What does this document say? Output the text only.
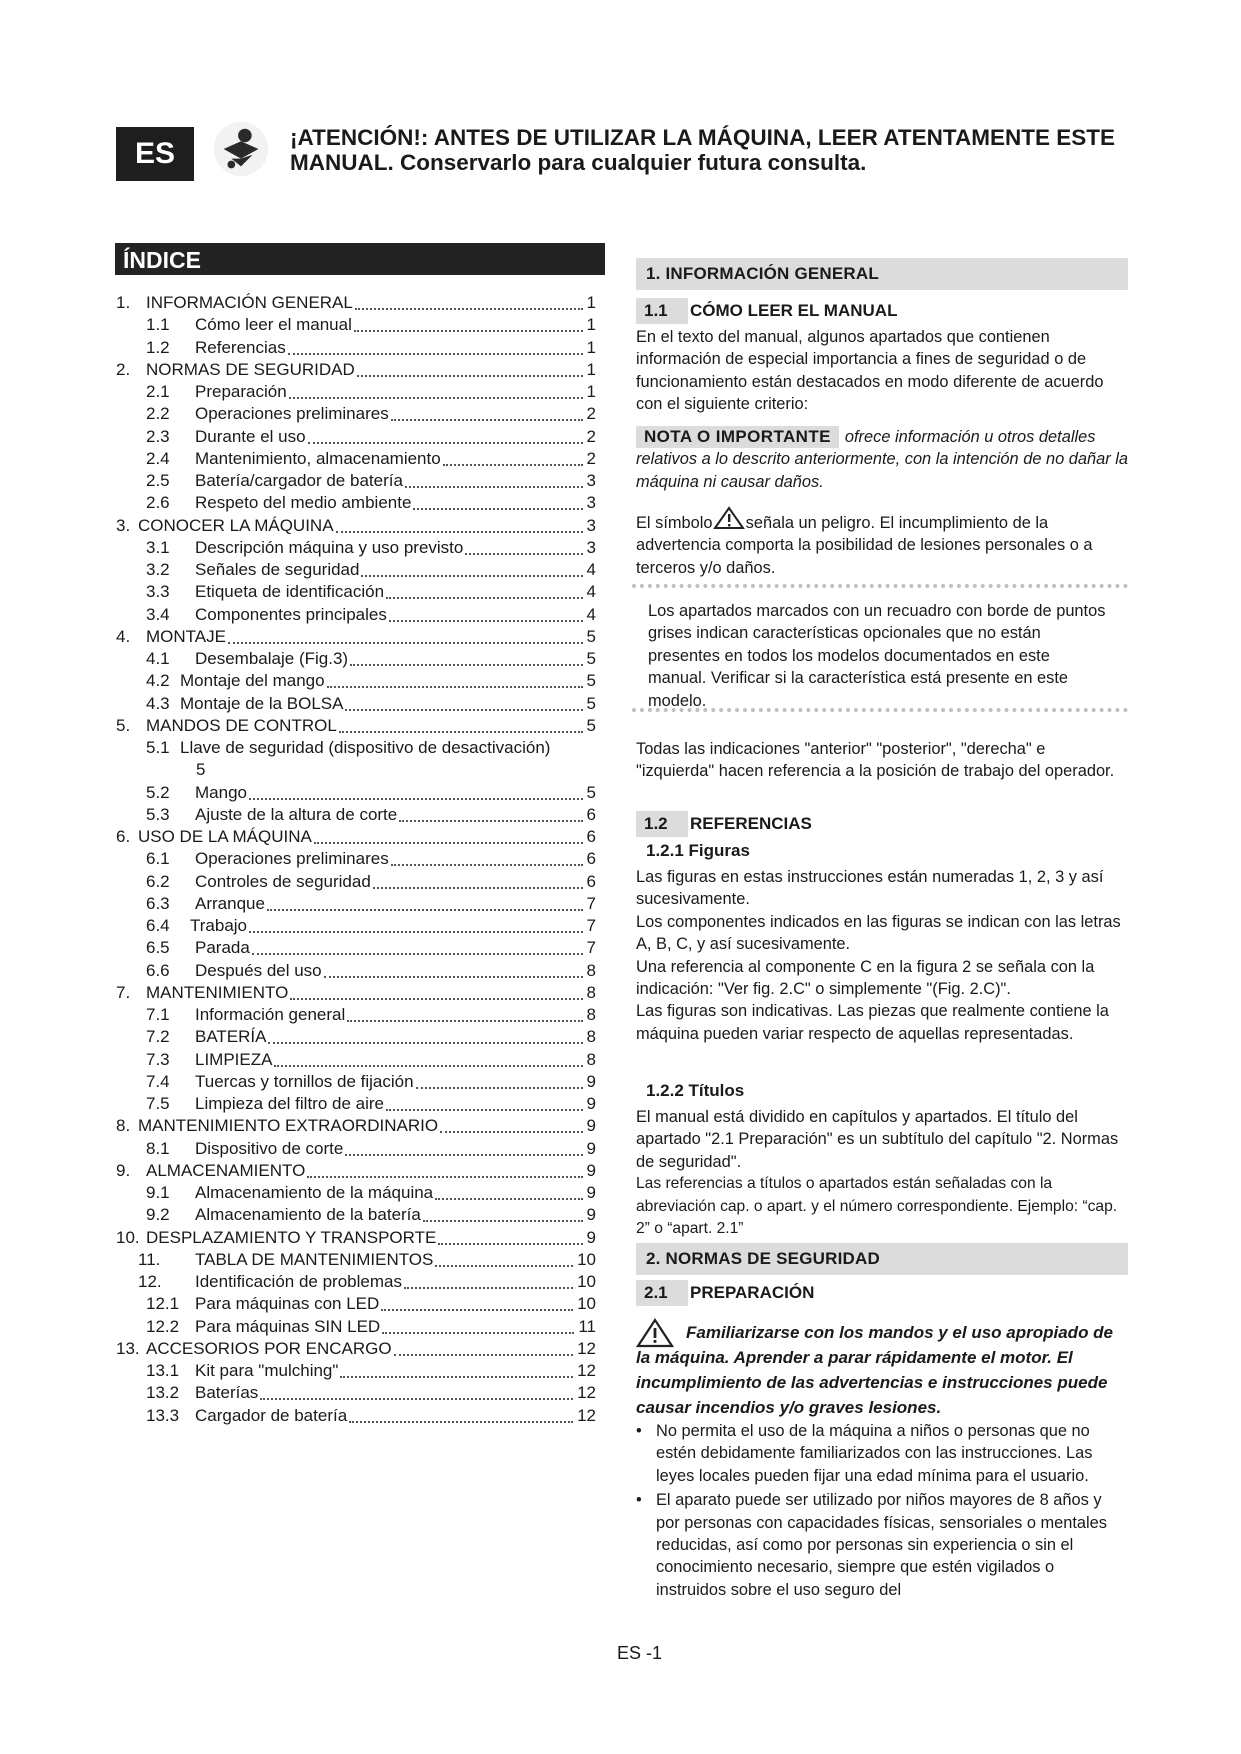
ES	¡ATENCIÓN!: ANTES DE UTILIZAR LA MÁQUINA, LEER ATENTAMENTE ESTE
MANUAL. Conservarlo para cualquier futura consulta.
ÍNDICE
1. INFORMACIÓN GENERAL	1
1.1 Cómo leer el manual	1
1.2 Referencias	1
2. NORMAS DE SEGURIDAD	1
2.1 Preparación	1
2.2 Operaciones preliminares	2
2.3 Durante el uso	2
2.4 Mantenimiento, almacenamiento	2
2.5 Batería/cargador de batería	3
2.6 Respeto del medio ambiente	3
3. CONOCER LA MÁQUINA	3
3.1 Descripción máquina y uso previsto	3
3.2 Señales de seguridad	4
3.3 Etiqueta de identificación	4
3.4 Componentes principales	4
4. MONTAJE	5
4.1 Desembalaje (Fig.3)	5
4.2 Montaje del mango	5
4.3 Montaje de la BOLSA	5
5. MANDOS DE CONTROL	5
5.1 Llave de seguridad (dispositivo de desactivación)
5
5.2 Mango	5
5.3 Ajuste de la altura de corte	6
6. USO DE LA MÁQUINA	6
6.1 Operaciones preliminares	6
6.2 Controles de seguridad	6
6.3 Arranque	7
6.4 Trabajo	7
6.5 Parada	7
6.6 Después del uso	8
7. MANTENIMIENTO	8
7.1 Información general	8
7.2 BATERÍA	8
7.3 LIMPIEZA	8
7.4 Tuercas y tornillos de fijación	9
7.5 Limpieza del filtro de aire	9
8. MANTENIMIENTO EXTRAORDINARIO	9
8.1 Dispositivo de corte	9
9. ALMACENAMIENTO	9
9.1 Almacenamiento de la máquina	9
9.2 Almacenamiento de la batería	9
10. DESPLAZAMIENTO Y TRANSPORTE	9
11. TABLA DE MANTENIMIENTOS	10
12. Identificación de problemas	10
12.1 Para máquinas con LED	10
12.2 Para máquinas SIN LED	11
13. ACCESORIOS POR ENCARGO	12
13.1 Kit para "mulching"	12
13.2 Baterías	12
13.3 Cargador de batería	12
1. INFORMACIÓN GENERAL
1.1 CÓMO LEER EL MANUAL
En el texto del manual, algunos apartados que contienen información de especial importancia a fines de seguridad o de funcionamiento están destacados en modo diferente de acuerdo con el siguiente criterio:
NOTA O IMPORTANTE ofrece información u otros detalles relativos a lo descrito anteriormente, con la intención de no dañar la máquina ni causar daños.
El símbolo señala un peligro. El incumplimiento de la advertencia comporta la posibilidad de lesiones personales o a terceros y/o daños.
Los apartados marcados con un recuadro con borde de puntos grises indican características opcionales que no están presentes en todos los modelos documentados en este manual. Verificar si la característica está presente en este modelo.
Todas las indicaciones "anterior" "posterior", "derecha" e "izquierda" hacen referencia a la posición de trabajo del operador.
1.2 REFERENCIAS
1.2.1 Figuras
Las figuras en estas instrucciones están numeradas 1, 2, 3 y así sucesivamente.
Los componentes indicados en las figuras se indican con las letras A, B, C, y así sucesivamente.
Una referencia al componente C en la figura 2 se señala con la indicación: "Ver fig. 2.C" o simplemente "(Fig. 2.C)".
Las figuras son indicativas. Las piezas que realmente contiene la máquina pueden variar respecto de aquellas representadas.
1.2.2 Títulos
El manual está dividido en capítulos y apartados. El título del apartado "2.1 Preparación" es un subtítulo del capítulo "2. Normas de seguridad".
Las referencias a títulos o apartados están señaladas con la abreviación cap. o apart. y el número correspondiente. Ejemplo: “cap. 2” o “apart. 2.1”
2. NORMAS DE SEGURIDAD
2.1 PREPARACIÓN
Familiarizarse con los mandos y el uso apropiado de la máquina. Aprender a parar rápidamente el motor. El incumplimiento de las advertencias e instrucciones puede causar incendios y/o graves lesiones.
• No permita el uso de la máquina a niños o personas que no estén debidamente familiarizados con las instrucciones. Las leyes locales pueden fijar una edad mínima para el usuario.
• El aparato puede ser utilizado por niños mayores de 8 años y por personas con capacidades físicas, sensoriales o mentales reducidas, así como por personas sin experiencia o sin el conocimiento necesario, siempre que estén vigilados o instruidos sobre el uso seguro del
ES -1
